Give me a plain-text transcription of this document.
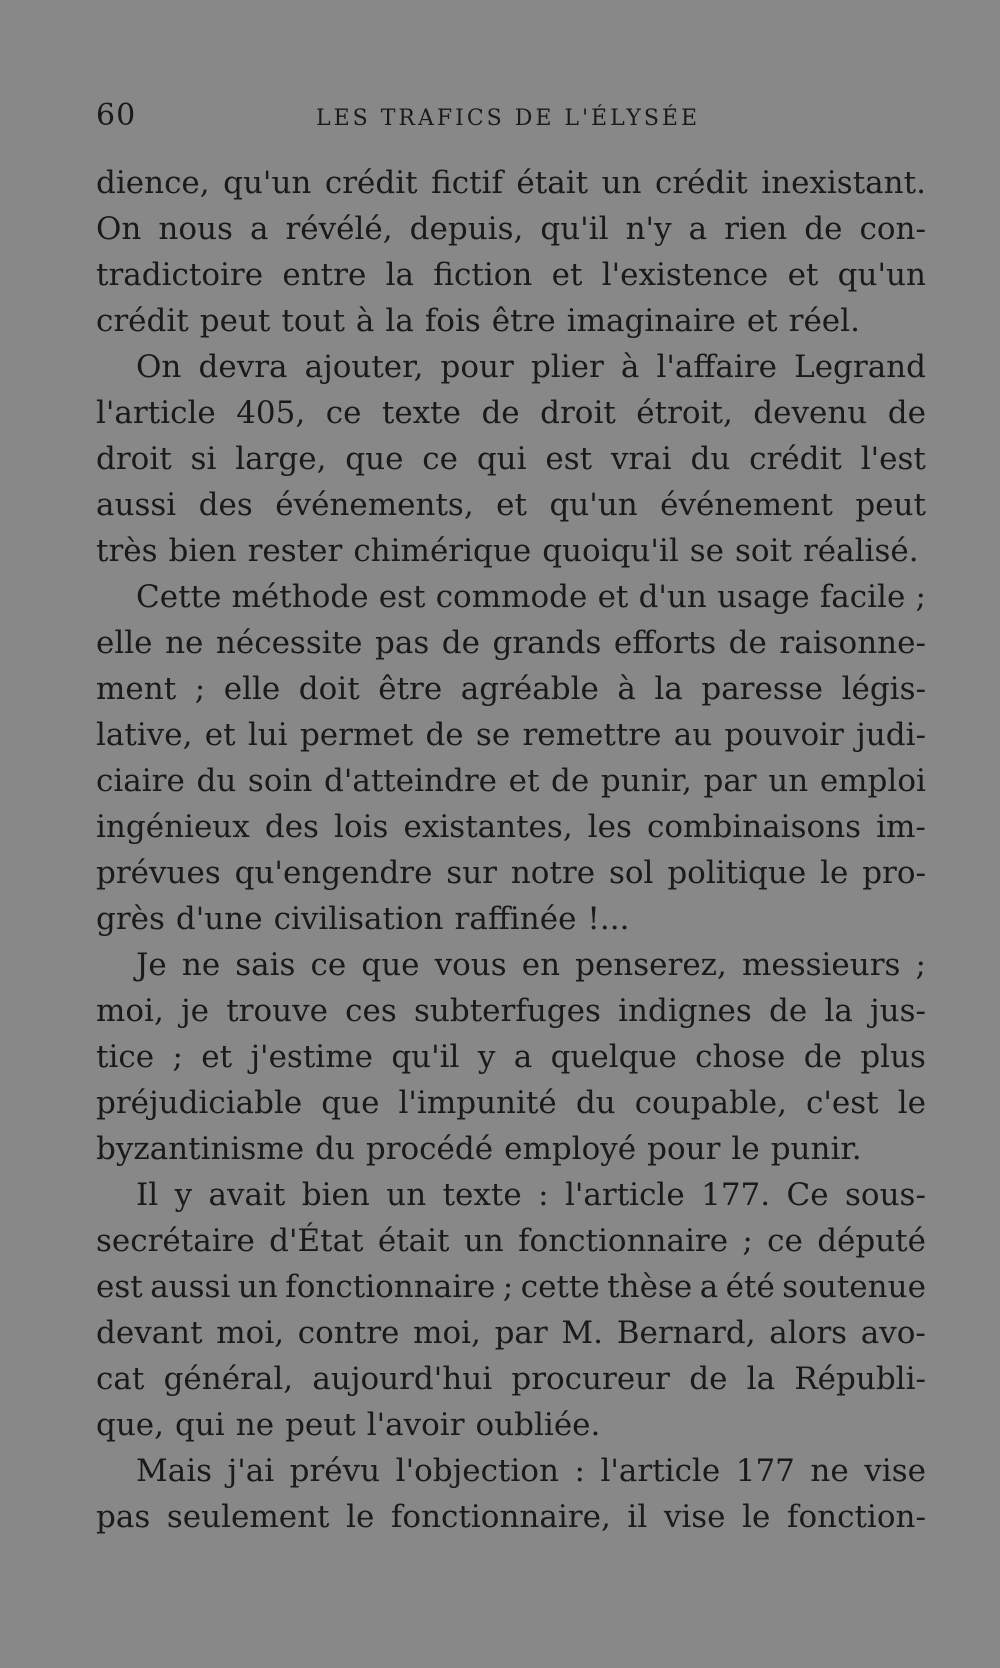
60	LES TRAFICS DE L'ÉLYSÉE
dience, qu'un crédit fictif était un crédit inexistant.
On nous a révélé, depuis, qu'il n'y a rien de con-
tradictoire entre la fiction et l'existence et qu'un
crédit peut tout à la fois être imaginaire et réel.
On devra ajouter, pour plier à l'affaire Legrand
l'article 405, ce texte de droit étroit, devenu de
droit si large, que ce qui est vrai du crédit l'est
aussi des événements, et qu'un événement peut
très bien rester chimérique quoiqu'il se soit réalisé.
Cette méthode est commode et d'un usage facile ;
elle ne nécessite pas de grands efforts de raisonne-
ment ; elle doit être agréable à la paresse légis-
lative, et lui permet de se remettre au pouvoir judi-
ciaire du soin d'atteindre et de punir, par un emploi
ingénieux des lois existantes, les combinaisons im-
prévues qu'engendre sur notre sol politique le pro-
grès d'une civilisation raffinée !...
Je ne sais ce que vous en penserez, messieurs ;
moi, je trouve ces subterfuges indignes de la jus-
tice ; et j'estime qu'il y a quelque chose de plus
préjudiciable que l'impunité du coupable, c'est le
byzantinisme du procédé employé pour le punir.
Il y avait bien un texte : l'article 177. Ce sous-
secrétaire d'État était un fonctionnaire ; ce député
est aussi un fonctionnaire ; cette thèse a été soutenue
devant moi, contre moi, par M. Bernard, alors avo-
cat général, aujourd'hui procureur de la Républi-
que, qui ne peut l'avoir oubliée.
Mais j'ai prévu l'objection : l'article 177 ne vise
pas seulement le fonctionnaire, il vise le fonction-
